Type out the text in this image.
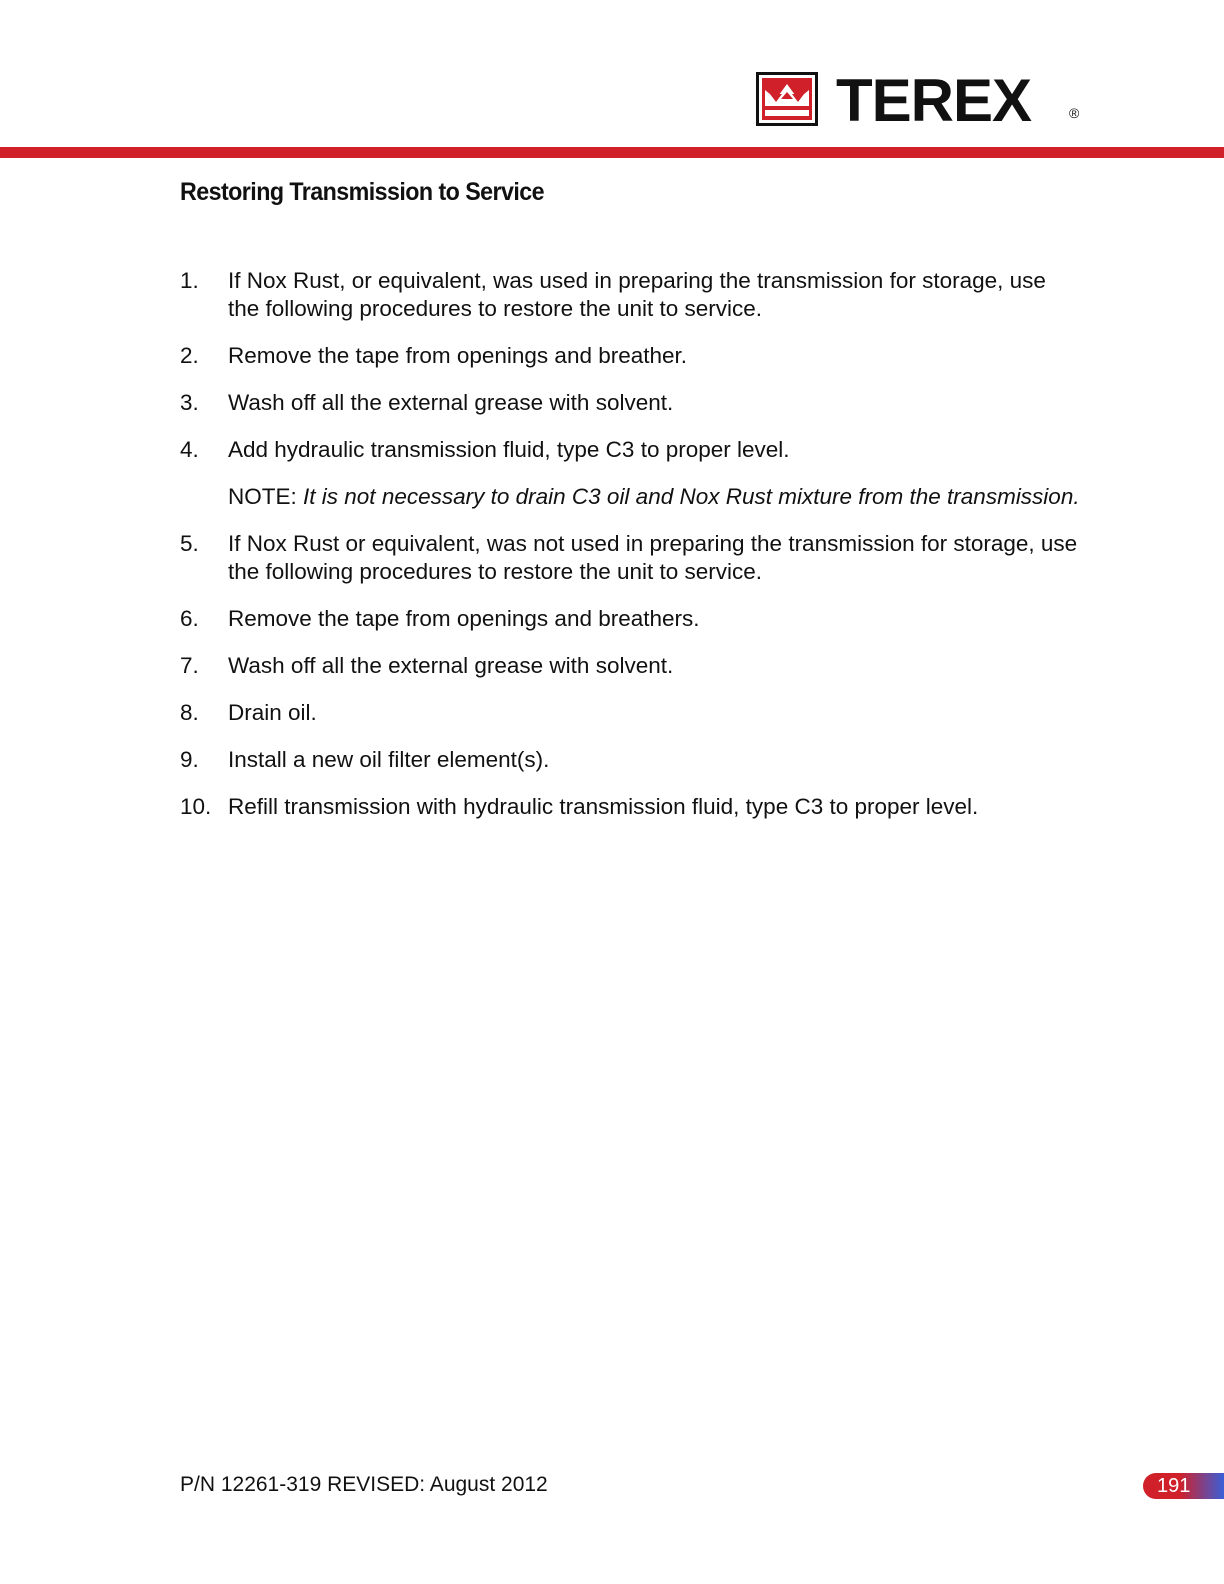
TEREX	®
Restoring Transmission to Service
1.	If Nox Rust, or equivalent, was used in preparing the transmission for storage, use the following procedures to restore the unit to service.
2.	Remove the tape from openings and breather.
3.	Wash off all the external grease with solvent.
4.	Add hydraulic transmission fluid, type C3 to proper level.
NOTE: It is not necessary to drain C3 oil and Nox Rust mixture from the transmission.
5.	If Nox Rust or equivalent, was not used in preparing the transmission for storage, use the following procedures to restore the unit to service.
6.	Remove the tape from openings and breathers.
7.	Wash off all the external grease with solvent.
8.	Drain oil.
9.	Install a new oil filter element(s).
10. Refill transmission with hydraulic transmission fluid, type C3 to proper level.
P/N 12261-319 REVISED: August 2012	191
